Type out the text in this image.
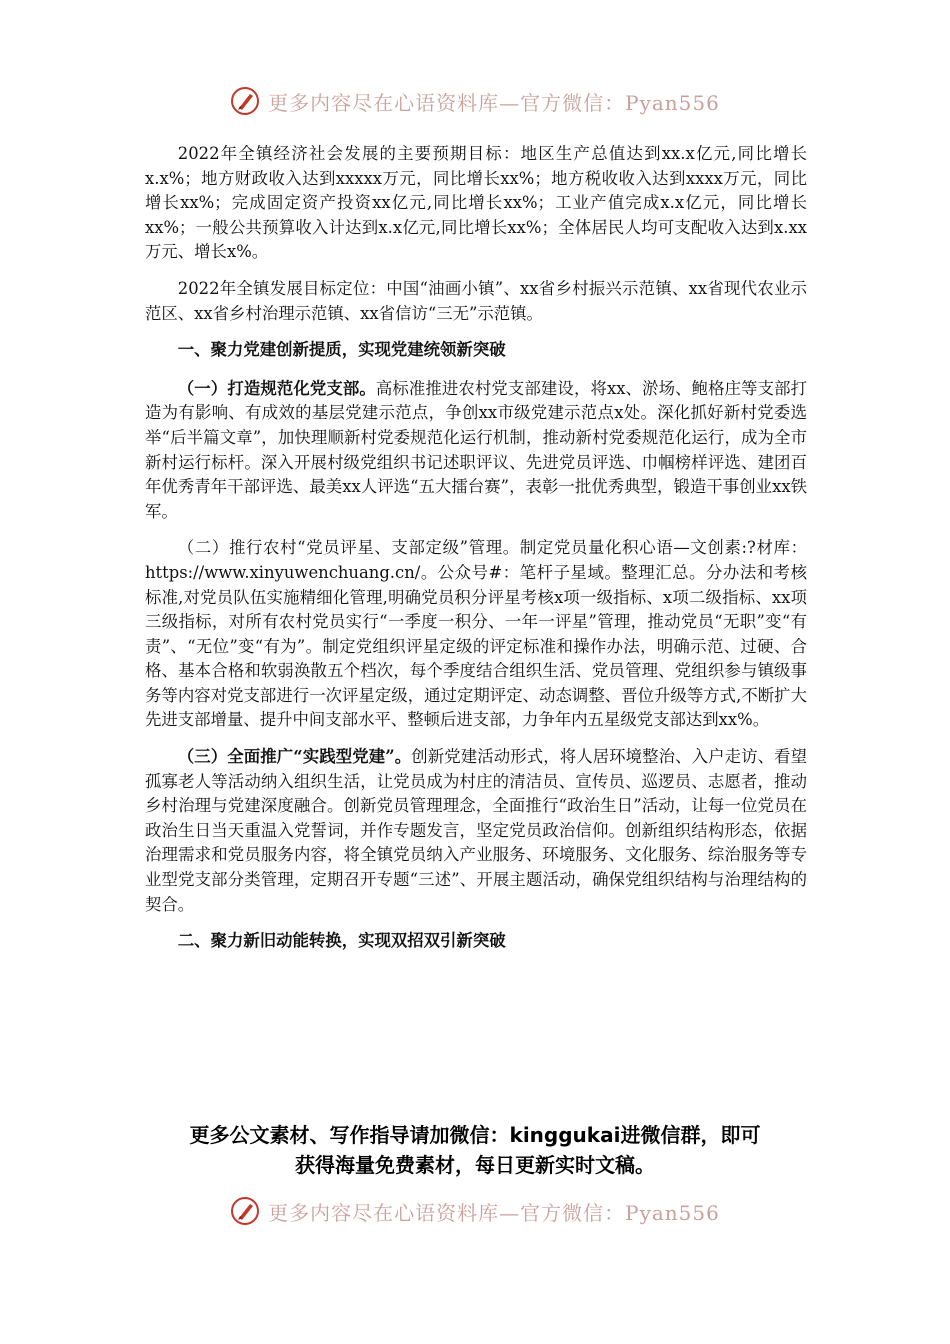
更多内容尽在心语资料库—官方微信：Pyan556

2022年全镇经济社会发展的主要预期目标：地区生产总值达到xx.x亿元,同比增长x.x%；地方财政收入达到xxxxx万元，同比增长xx%；地方税收收入达到xxxx万元，同比增长xx%；完成固定资产投资xx亿元,同比增长xx%；工业产值完成x.x亿元，同比增长xx%；一般公共预算收入计达到x.x亿元,同比增长xx%；全体居民人均可支配收入达到x.xx万元、增长x%。

2022年全镇发展目标定位：中国“油画小镇”、xx省乡村振兴示范镇、xx省现代农业示范区、xx省乡村治理示范镇、xx省信访“三无”示范镇。

一、聚力党建创新提质，实现党建统领新突破

（一）打造规范化党支部。高标准推进农村党支部建设，将xx、淤场、鲍格庄等支部打造为有影响、有成效的基层党建示范点，争创xx市级党建示范点x处。深化抓好新村党委选举“后半篇文章”，加快理顺新村党委规范化运行机制，推动新村党委规范化运行，成为全市新村运行标杆。深入开展村级党组织书记述职评议、先进党员评选、巾帼榜样评选、建团百年优秀青年干部评选、最美xx人评选“五大擂台赛”，表彰一批优秀典型，锻造干事创业xx铁军。

（二）推行农村“党员评星、支部定级”管理。制定党员量化积心语—文创素:?材库：https://www.xinyuwenchuang.cn/。公众号#：笔杆子星域。整理汇总。分办法和考核标准,对党员队伍实施精细化管理,明确党员积分评星考核x项一级指标、x项二级指标、xx项三级指标，对所有农村党员实行“一季度一积分、一年一评星”管理，推动党员“无职”变“有责”、“无位”变“有为”。制定党组织评星定级的评定标准和操作办法，明确示范、过硬、合格、基本合格和软弱涣散五个档次，每个季度结合组织生活、党员管理、党组织参与镇级事务等内容对党支部进行一次评星定级，通过定期评定、动态调整、晋位升级等方式,不断扩大先进支部增量、提升中间支部水平、整顿后进支部，力争年内五星级党支部达到xx%。

（三）全面推广“实践型党建”。创新党建活动形式，将人居环境整治、入户走访、看望孤寡老人等活动纳入组织生活，让党员成为村庄的清洁员、宣传员、巡逻员、志愿者，推动乡村治理与党建深度融合。创新党员管理理念，全面推行“政治生日”活动，让每一位党员在政治生日当天重温入党誓词，并作专题发言，坚定党员政治信仰。创新组织结构形态，依据治理需求和党员服务内容，将全镇党员纳入产业服务、环境服务、文化服务、综治服务等专业型党支部分类管理，定期召开专题“三述”、开展主题活动，确保党组织结构与治理结构的契合。

二、聚力新旧动能转换，实现双招双引新突破

更多公文素材、写作指导请加微信：kinggukai进微信群，即可
获得海量免费素材，每日更新实时文稿。
更多内容尽在心语资料库—官方微信：Pyan556
